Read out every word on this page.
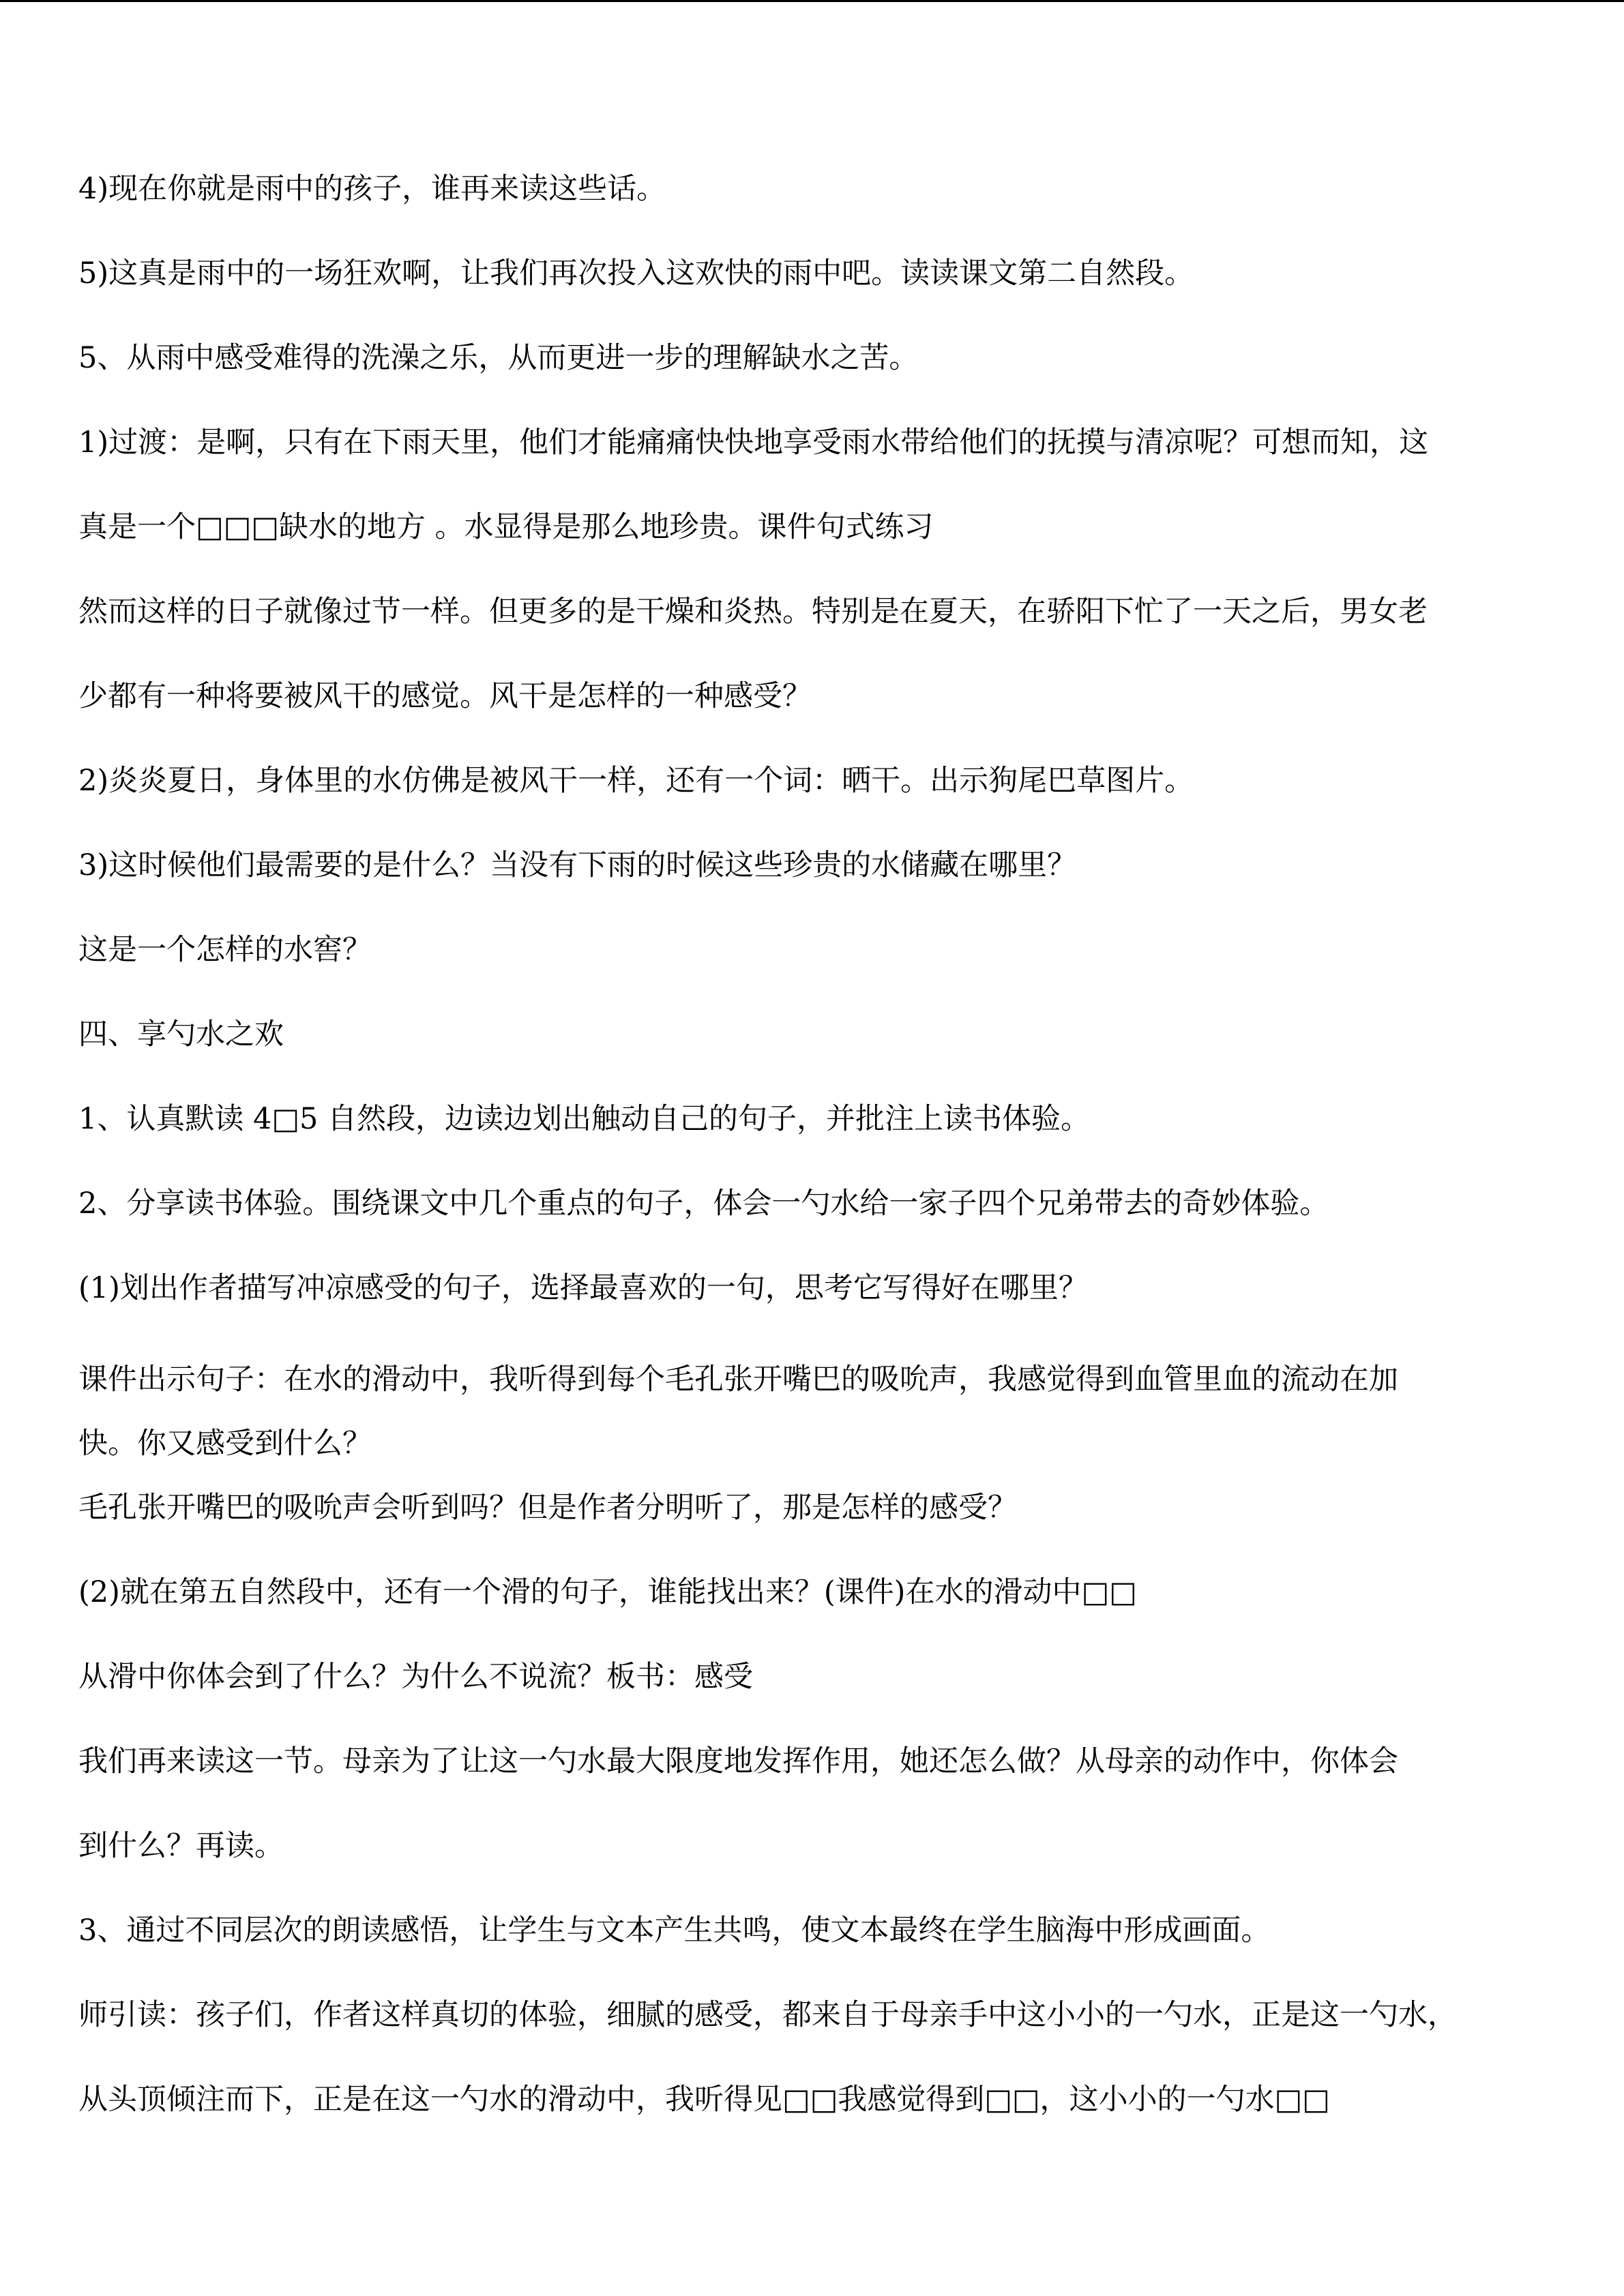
4)现在你就是雨中的孩子，谁再来读这些话。
5)这真是雨中的一场狂欢啊，让我们再次投入这欢快的雨中吧。读读课文第二自然段。
5、从雨中感受难得的洗澡之乐，从而更进一步的理解缺水之苦。
1)过渡：是啊，只有在下雨天里，他们才能痛痛快快地享受雨水带给他们的抚摸与清凉呢？可想而知，这
真是一个□□□缺水的地方 。水显得是那么地珍贵。课件句式练习
然而这样的日子就像过节一样。但更多的是干燥和炎热。特别是在夏天，在骄阳下忙了一天之后，男女老
少都有一种将要被风干的感觉。风干是怎样的一种感受？
2)炎炎夏日，身体里的水仿佛是被风干一样，还有一个词：晒干。出示狗尾巴草图片。
3)这时候他们最需要的是什么？当没有下雨的时候这些珍贵的水储藏在哪里？
这是一个怎样的水窖？
四、享勺水之欢
1、认真默读 4□5 自然段，边读边划出触动自己的句子，并批注上读书体验。
2、分享读书体验。围绕课文中几个重点的句子，体会一勺水给一家子四个兄弟带去的奇妙体验。
(1)划出作者描写冲凉感受的句子，选择最喜欢的一句，思考它写得好在哪里？
课件出示句子：在水的滑动中，我听得到每个毛孔张开嘴巴的吸吮声，我感觉得到血管里血的流动在加
快。你又感受到什么？
毛孔张开嘴巴的吸吮声会听到吗？但是作者分明听了，那是怎样的感受？
(2)就在第五自然段中，还有一个滑的句子，谁能找出来？(课件)在水的滑动中□□
从滑中你体会到了什么？为什么不说流？板书：感受
我们再来读这一节。母亲为了让这一勺水最大限度地发挥作用，她还怎么做？从母亲的动作中，你体会
到什么？再读。
3、通过不同层次的朗读感悟，让学生与文本产生共鸣，使文本最终在学生脑海中形成画面。
师引读：孩子们，作者这样真切的体验，细腻的感受，都来自于母亲手中这小小的一勺水，正是这一勺水，
从头顶倾注而下，正是在这一勺水的滑动中，我听得见□□我感觉得到□□，这小小的一勺水□□
